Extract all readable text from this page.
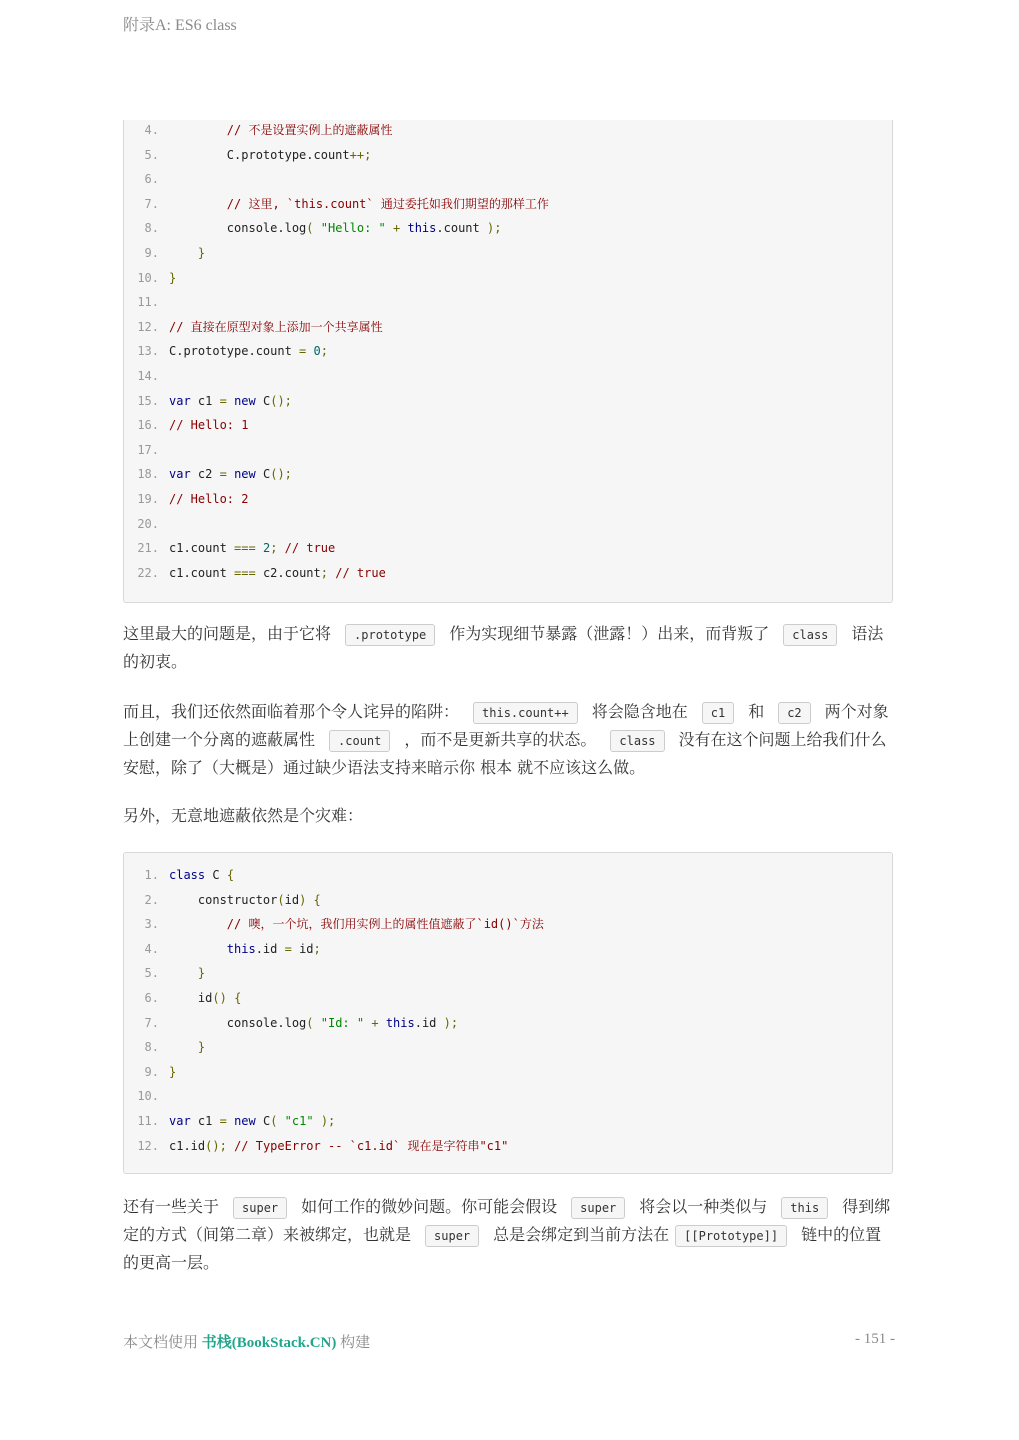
附录A: ES6 class
4.	// 不是设置实例上的遮蔽属性
5. C.prototype.count++;
6.
7.	// 这里, `this.count` 通过委托如我们期望的那样工作
8. console.log( "Hello: " + this.count );
9.	}
10. }
11.
12. // 直接在原型对象上添加一个共享属性
13. C.prototype.count = 0;
14.
15. var c1 = new C();
16. // Hello: 1
17.
18. var c2 = new C();
19. // Hello: 2
20.
21. c1.count === 2; // true
22. c1.count === c2.count; // true
这里最大的问题是，由于它将 .prototype 作为实现细节暴露（泄露！）出来，而背叛了 class 语法的初衷。
而且，我们还依然面临着那个令人诧异的陷阱： this.count++ 将会隐含地在 c1 和 c2 两个对象上创建一个分离的遮蔽属性 .count ，而不是更新共享的状态。 class 没有在这个问题上给我们什么安慰，除了（大概是）通过缺少语法支持来暗示你 根本 就不应该这么做。
另外，无意地遮蔽依然是个灾难：
1. class C {
2. constructor(id) {
3.	// 噢，一个坑，我们用实例上的属性值遮蔽了`id()`方法
4.	this.id = id;
5.	}
6. id() {
7. console.log( "Id: " + this.id );
8.	}
9. }
10.
11. var c1 = new C( "c1" );
12. c1.id(); // TypeError -- `c1.id` 现在是字符串"c1"
还有一些关于 super 如何工作的微妙问题。你可能会假设 super 将会以一种类似与 this 得到绑定的方式（间第二章）来被绑定，也就是 super 总是会绑定到当前方法在 [[Prototype]] 链中的位置的更高一层。
本文档使用 书栈(BookStack.CN) 构建	- 151 -
